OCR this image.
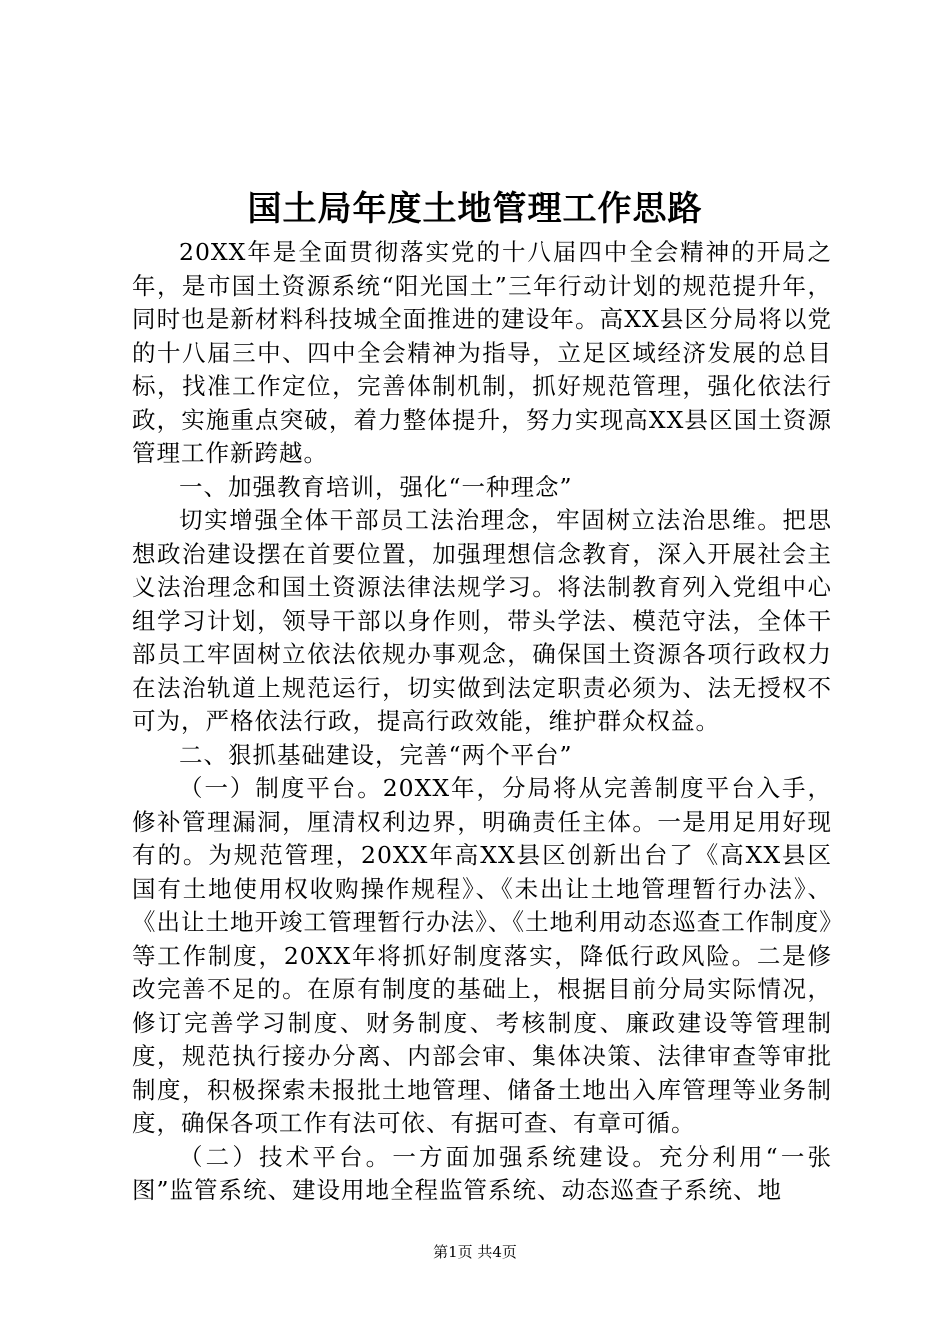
国土局年度土地管理工作思路

20XX年是全面贯彻落实党的十八届四中全会精神的开局之年，是市国土资源系统“阳光国土”三年行动计划的规范提升年，同时也是新材料科技城全面推进的建设年。高XX县区分局将以党的十八届三中、四中全会精神为指导，立足区域经济发展的总目标，找准工作定位，完善体制机制，抓好规范管理，强化依法行政，实施重点突破，着力整体提升，努力实现高XX县区国土资源管理工作新跨越。

一、加强教育培训，强化“一种理念”

切实增强全体干部员工法治理念，牢固树立法治思维。把思想政治建设摆在首要位置，加强理想信念教育，深入开展社会主义法治理念和国土资源法律法规学习。将法制教育列入党组中心组学习计划，领导干部以身作则，带头学法、模范守法，全体干部员工牢固树立依法依规办事观念，确保国土资源各项行政权力在法治轨道上规范运行，切实做到法定职责必须为、法无授权不可为，严格依法行政，提高行政效能，维护群众权益。

二、狠抓基础建设，完善“两个平台”

（一）制度平台。20XX年，分局将从完善制度平台入手，修补管理漏洞，厘清权利边界，明确责任主体。一是用足用好现有的。为规范管理，20XX年高XX县区创新出台了《高XX县区国有土地使用权收购操作规程》、《未出让土地管理暂行办法》、《出让土地开竣工管理暂行办法》、《土地利用动态巡查工作制度》等工作制度，20XX年将抓好制度落实，降低行政风险。二是修改完善不足的。在原有制度的基础上，根据目前分局实际情况，修订完善学习制度、财务制度、考核制度、廉政建设等管理制度，规范执行接办分离、内部会审、集体决策、法律审查等审批制度，积极探索未报批土地管理、储备土地出入库管理等业务制度，确保各项工作有法可依、有据可查、有章可循。

（二）技术平台。一方面加强系统建设。充分利用“一张图”监管系统、建设用地全程监管系统、动态巡查子系统、地

第1页 共4页
